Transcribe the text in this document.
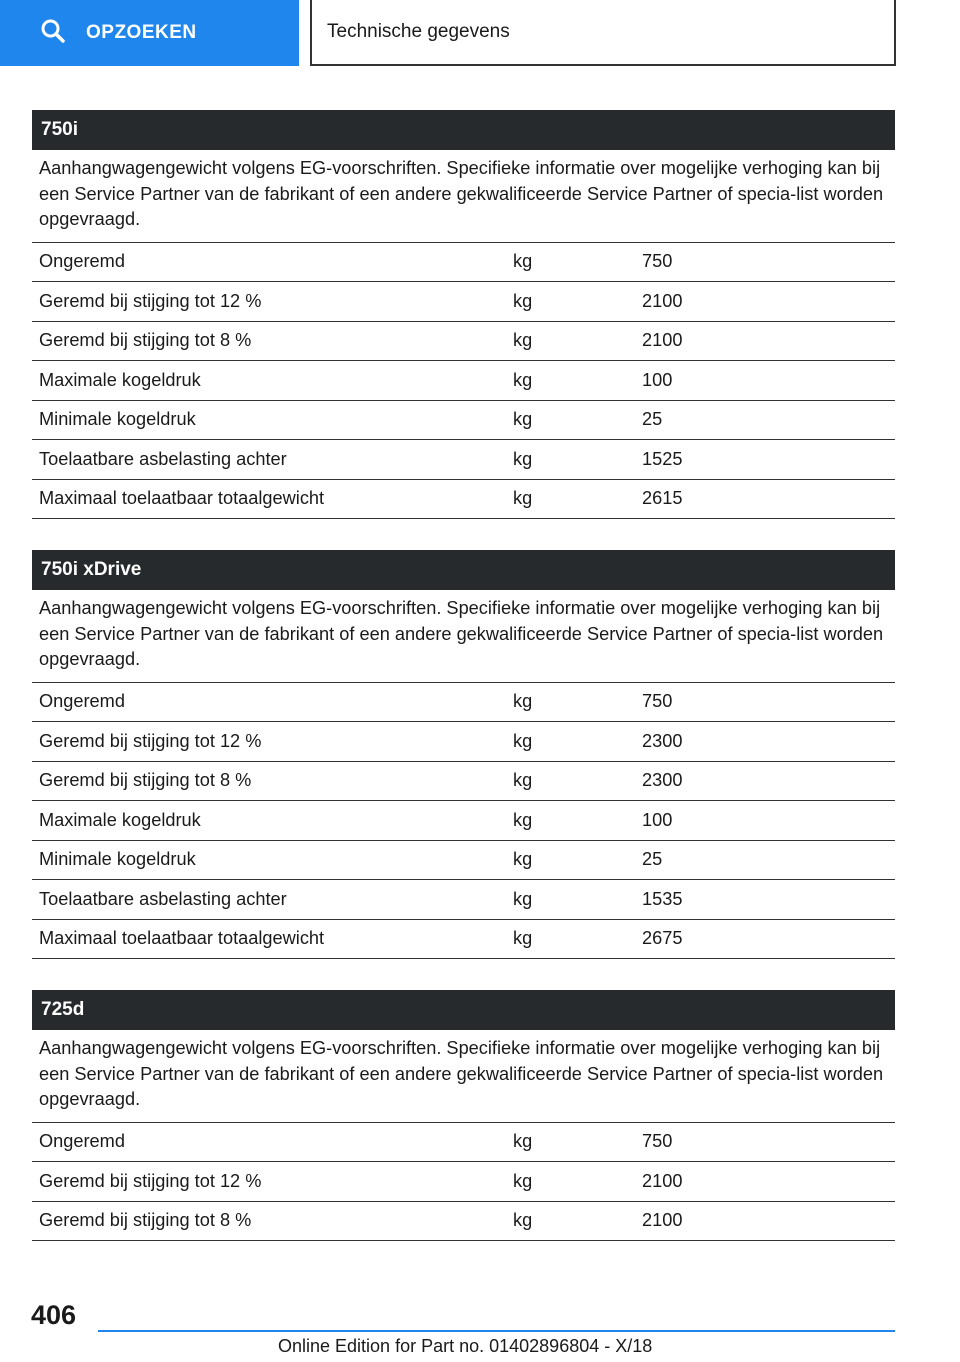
OPZOEKEN	Technische gegevens
750i
Aanhangwagengewicht volgens EG-voorschriften. Specifieke informatie over mogelijke verhoging kan bij een Service Partner van de fabrikant of een andere gekwalificeerde Service Partner of specia-list worden opgevraagd.
Ongeremd	kg	750
Geremd bij stijging tot 12 %	kg	2100
Geremd bij stijging tot 8 %	kg	2100
Maximale kogeldruk	kg	100
Minimale kogeldruk	kg	25
Toelaatbare asbelasting achter	kg	1525
Maximaal toelaatbaar totaalgewicht	kg	2615
750i xDrive
Aanhangwagengewicht volgens EG-voorschriften. Specifieke informatie over mogelijke verhoging kan bij een Service Partner van de fabrikant of een andere gekwalificeerde Service Partner of specia-list worden opgevraagd.
Ongeremd	kg	750
Geremd bij stijging tot 12 %	kg	2300
Geremd bij stijging tot 8 %	kg	2300
Maximale kogeldruk	kg	100
Minimale kogeldruk	kg	25
Toelaatbare asbelasting achter	kg	1535
Maximaal toelaatbaar totaalgewicht	kg	2675
725d
Aanhangwagengewicht volgens EG-voorschriften. Specifieke informatie over mogelijke verhoging kan bij een Service Partner van de fabrikant of een andere gekwalificeerde Service Partner of specia-list worden opgevraagd.
Ongeremd	kg	750
Geremd bij stijging tot 12 %	kg	2100
Geremd bij stijging tot 8 %	kg	2100
406
Online Edition for Part no. 01402896804 - X/18
